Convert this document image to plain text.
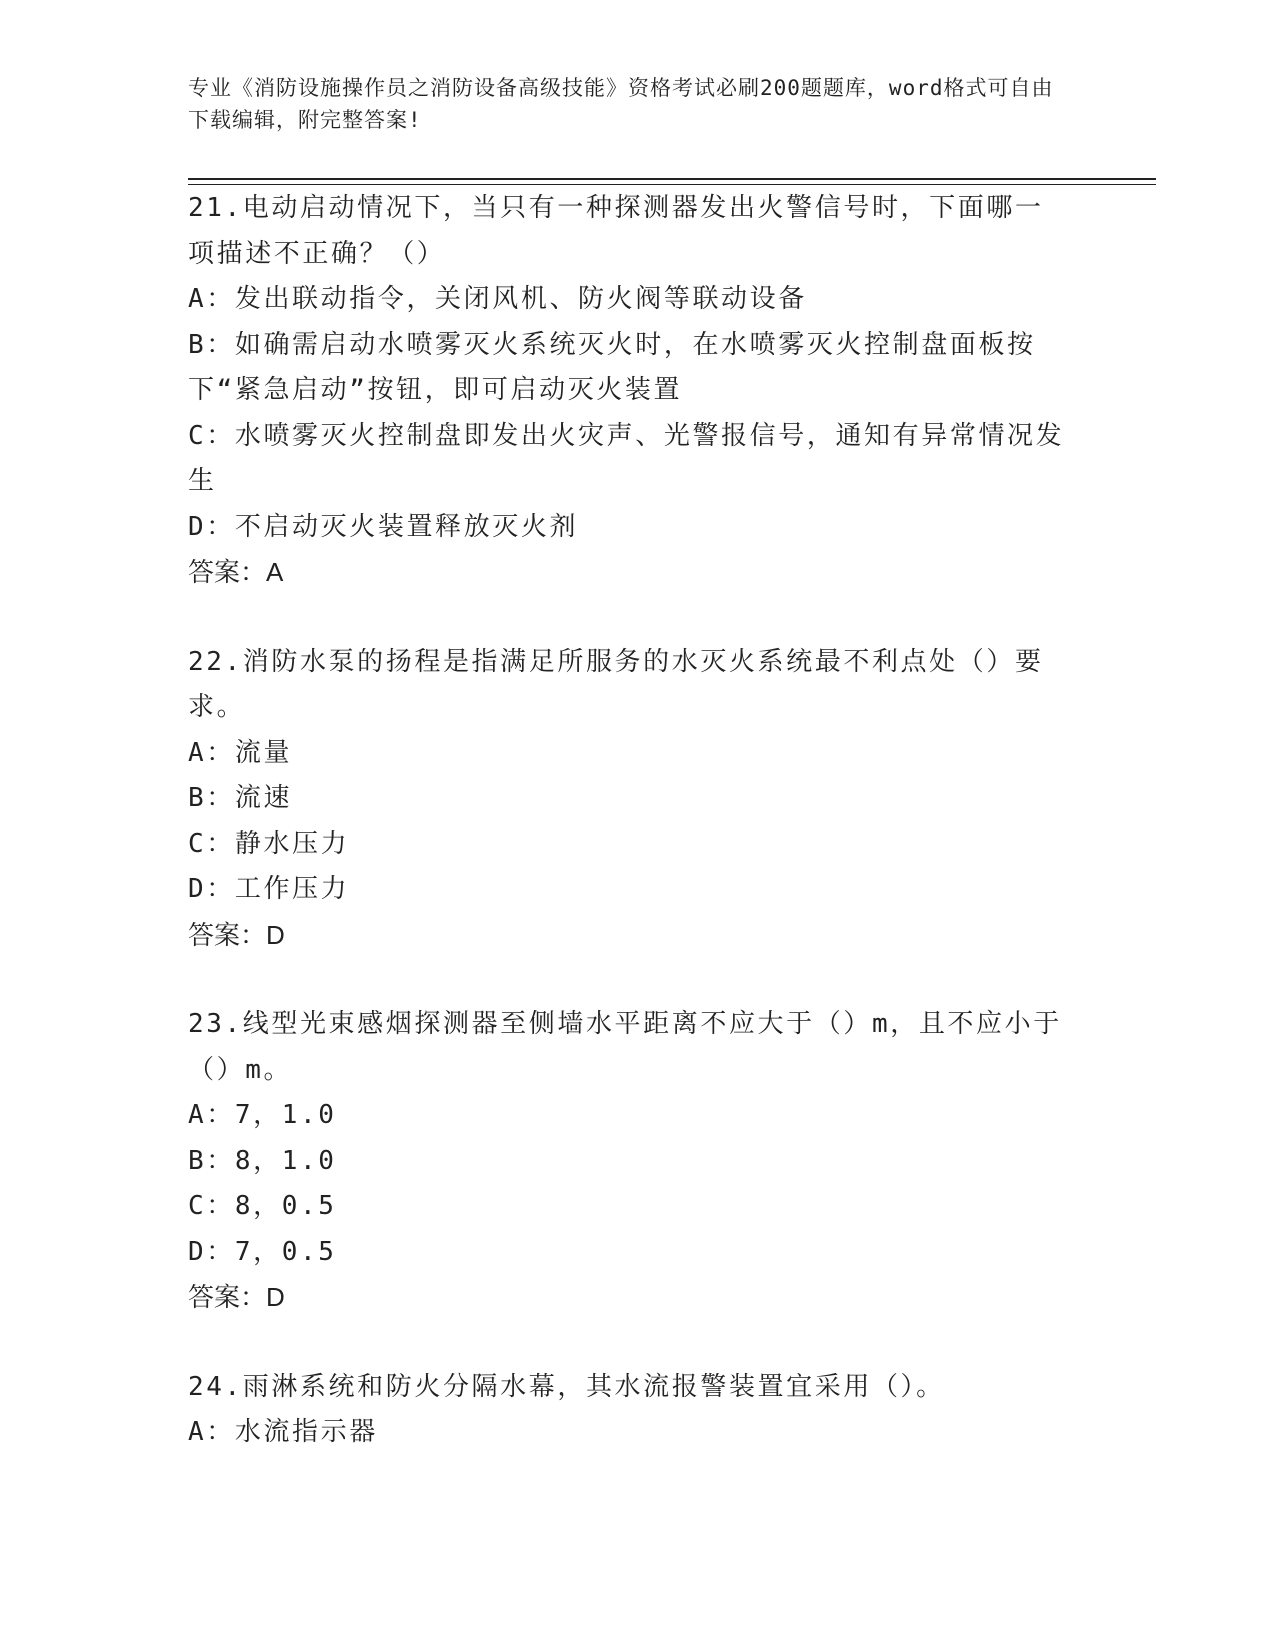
专业《消防设施操作员之消防设备高级技能》资格考试必刷200题题库，word格式可自由下载编辑，附完整答案!

21.电动启动情况下，当只有一种探测器发出火警信号时，下面哪一项描述不正确？（）

A：发出联动指令，关闭风机、防火阀等联动设备

B：如确需启动水喷雾灭火系统灭火时，在水喷雾灭火控制盘面板按下“紧急启动”按钮，即可启动灭火装置

C：水喷雾灭火控制盘即发出火灾声、光警报信号，通知有异常情况发生

D：不启动灭火装置释放灭火剂

答案：A

22.消防水泵的扬程是指满足所服务的水灭火系统最不利点处（）要求。

A：流量

B：流速

C：静水压力

D：工作压力

答案：D

23.线型光束感烟探测器至侧墙水平距离不应大于（）m，且不应小于（）m。

A：7，1.0

B：8，1.0

C：8，0.5

D：7，0.5

答案：D

24.雨淋系统和防火分隔水幕，其水流报警装置宜采用（）。

A：水流指示器
